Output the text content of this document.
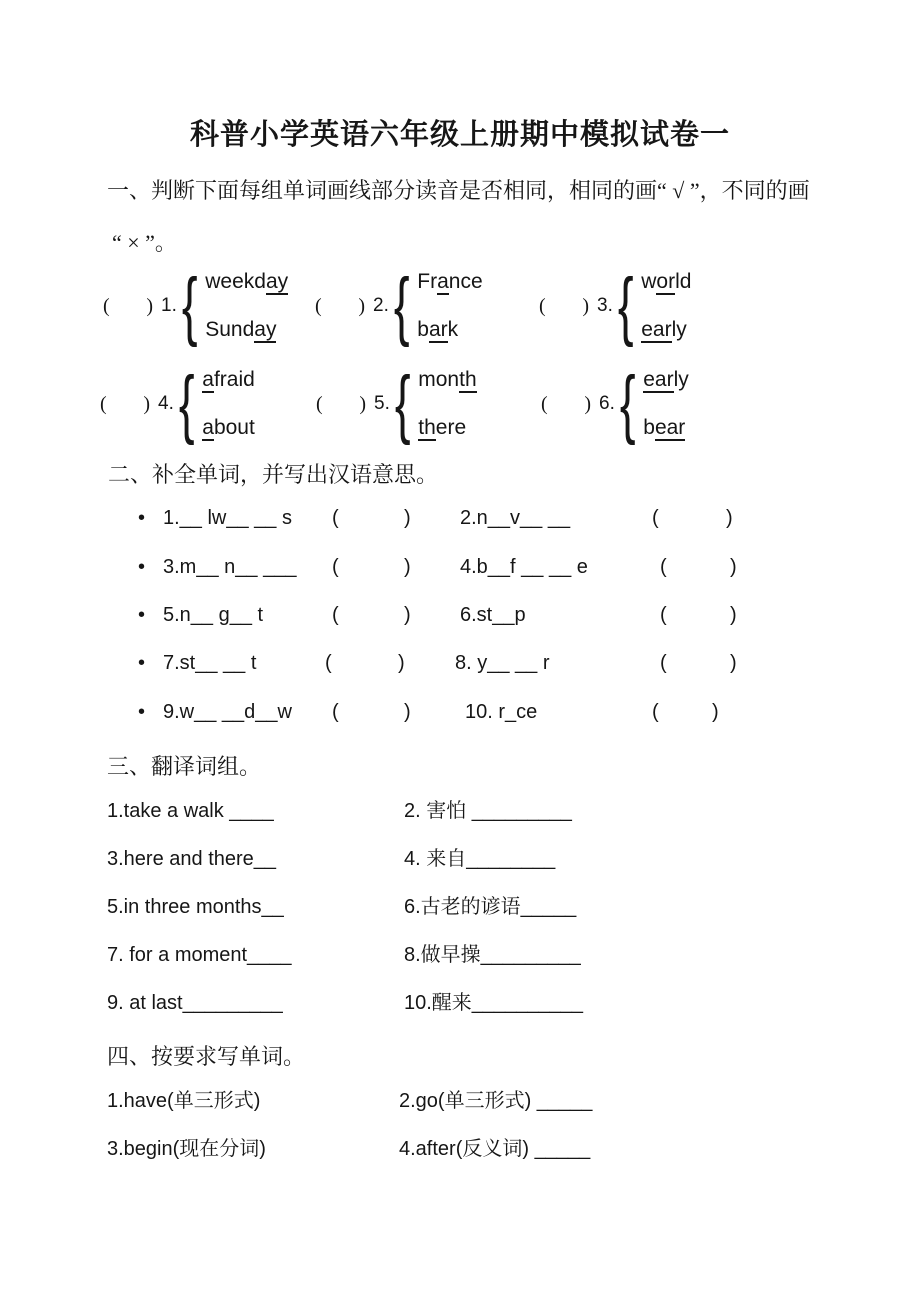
科普小学英语六年级上册期中模拟试卷一
一、判断下面每组单词画线部分读音是否相同，相同的画“ √ ”，不同的画
“ × ”。
( ) 1. { weekday
Sunday
( ) 2. { France
bark
( ) 3. { world
early
( ) 4. { afraid
about
( ) 5. { month
there
( ) 6. { early
bear
二、补全单词，并写出汉语意思。
• 1.__ lw__ __ s (	) 2.n__v__ __	(	)
• 3.m__ n__ ___ (	) 4.b__f __ __ e	(	)
• 5.n__ g__ t	(	) 6.st__p	(	)
• 7.st__ __ t	(	)	8. y__ __ r	(	)
• 9.w__ __d__w (	)	10. r_ce	(	)
三、翻译词组。
1.take a walk ____	2. 害怕 _________
3.here and there__	4. 来自________
5.in three months__	6.古老的谚语_____
7. for a moment____	8.做早操_________
9. at last_________	10.醒来__________
四、按要求写单词。
1.have(单三形式)	2.go(单三形式) _____
3.begin(现在分词)	4.after(反义词) _____
